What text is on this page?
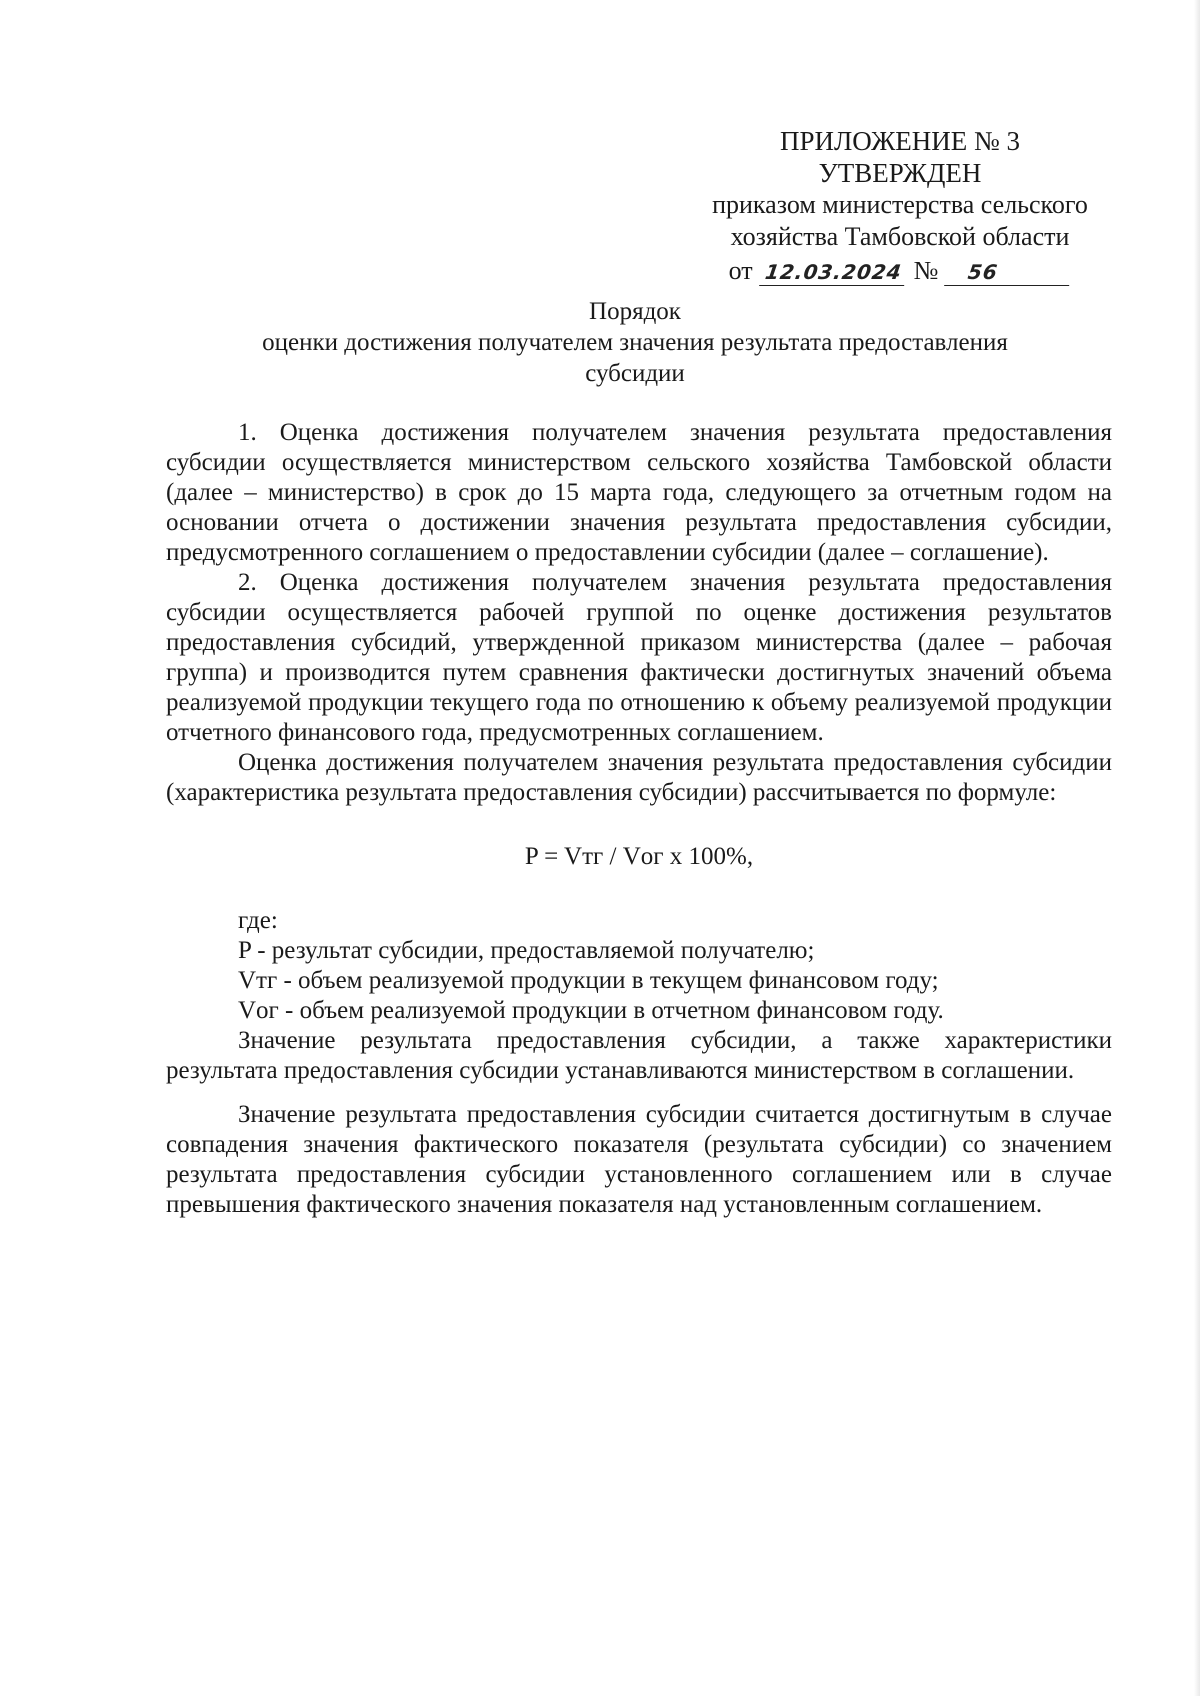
ПРИЛОЖЕНИЕ № 3
УТВЕРЖДЕН
приказом министерства сельского
хозяйства Тамбовской области
от 12.03.2024 №	56
Порядок
оценки достижения получателем значения результата предоставления
субсидии

1. Оценка достижения получателем значения результата предоставления субсидии осуществляется министерством сельского хозяйства Тамбовской области (далее – министерство) в срок до 15 марта года, следующего за отчетным годом на основании отчета о достижении значения результата предоставления субсидии, предусмотренного соглашением о предоставлении субсидии (далее – соглашение).

2. Оценка достижения получателем значения результата предоставления субсидии осуществляется рабочей группой по оценке достижения результатов предоставления субсидий, утвержденной приказом министерства (далее – рабочая группа) и производится путем сравнения фактически достигнутых значений объема реализуемой продукции текущего года по отношению к объему реализуемой продукции отчетного финансового года, предусмотренных соглашением.

Оценка достижения получателем значения результата предоставления субсидии (характеристика результата предоставления субсидии) рассчитывается по формуле:

P = Vтг / Vог x 100%,

где:

P - результат субсидии, предоставляемой получателю;

Vтг - объем реализуемой продукции в текущем финансовом году;

Vог - объем реализуемой продукции в отчетном финансовом году.

Значение результата предоставления субсидии, а также характеристики результата предоставления субсидии устанавливаются министерством в соглашении.

Значение результата предоставления субсидии считается достигнутым в случае совпадения значения фактического показателя (результата субсидии) со значением результата предоставления субсидии установленного соглашением или в случае превышения фактического значения показателя над установленным соглашением.
